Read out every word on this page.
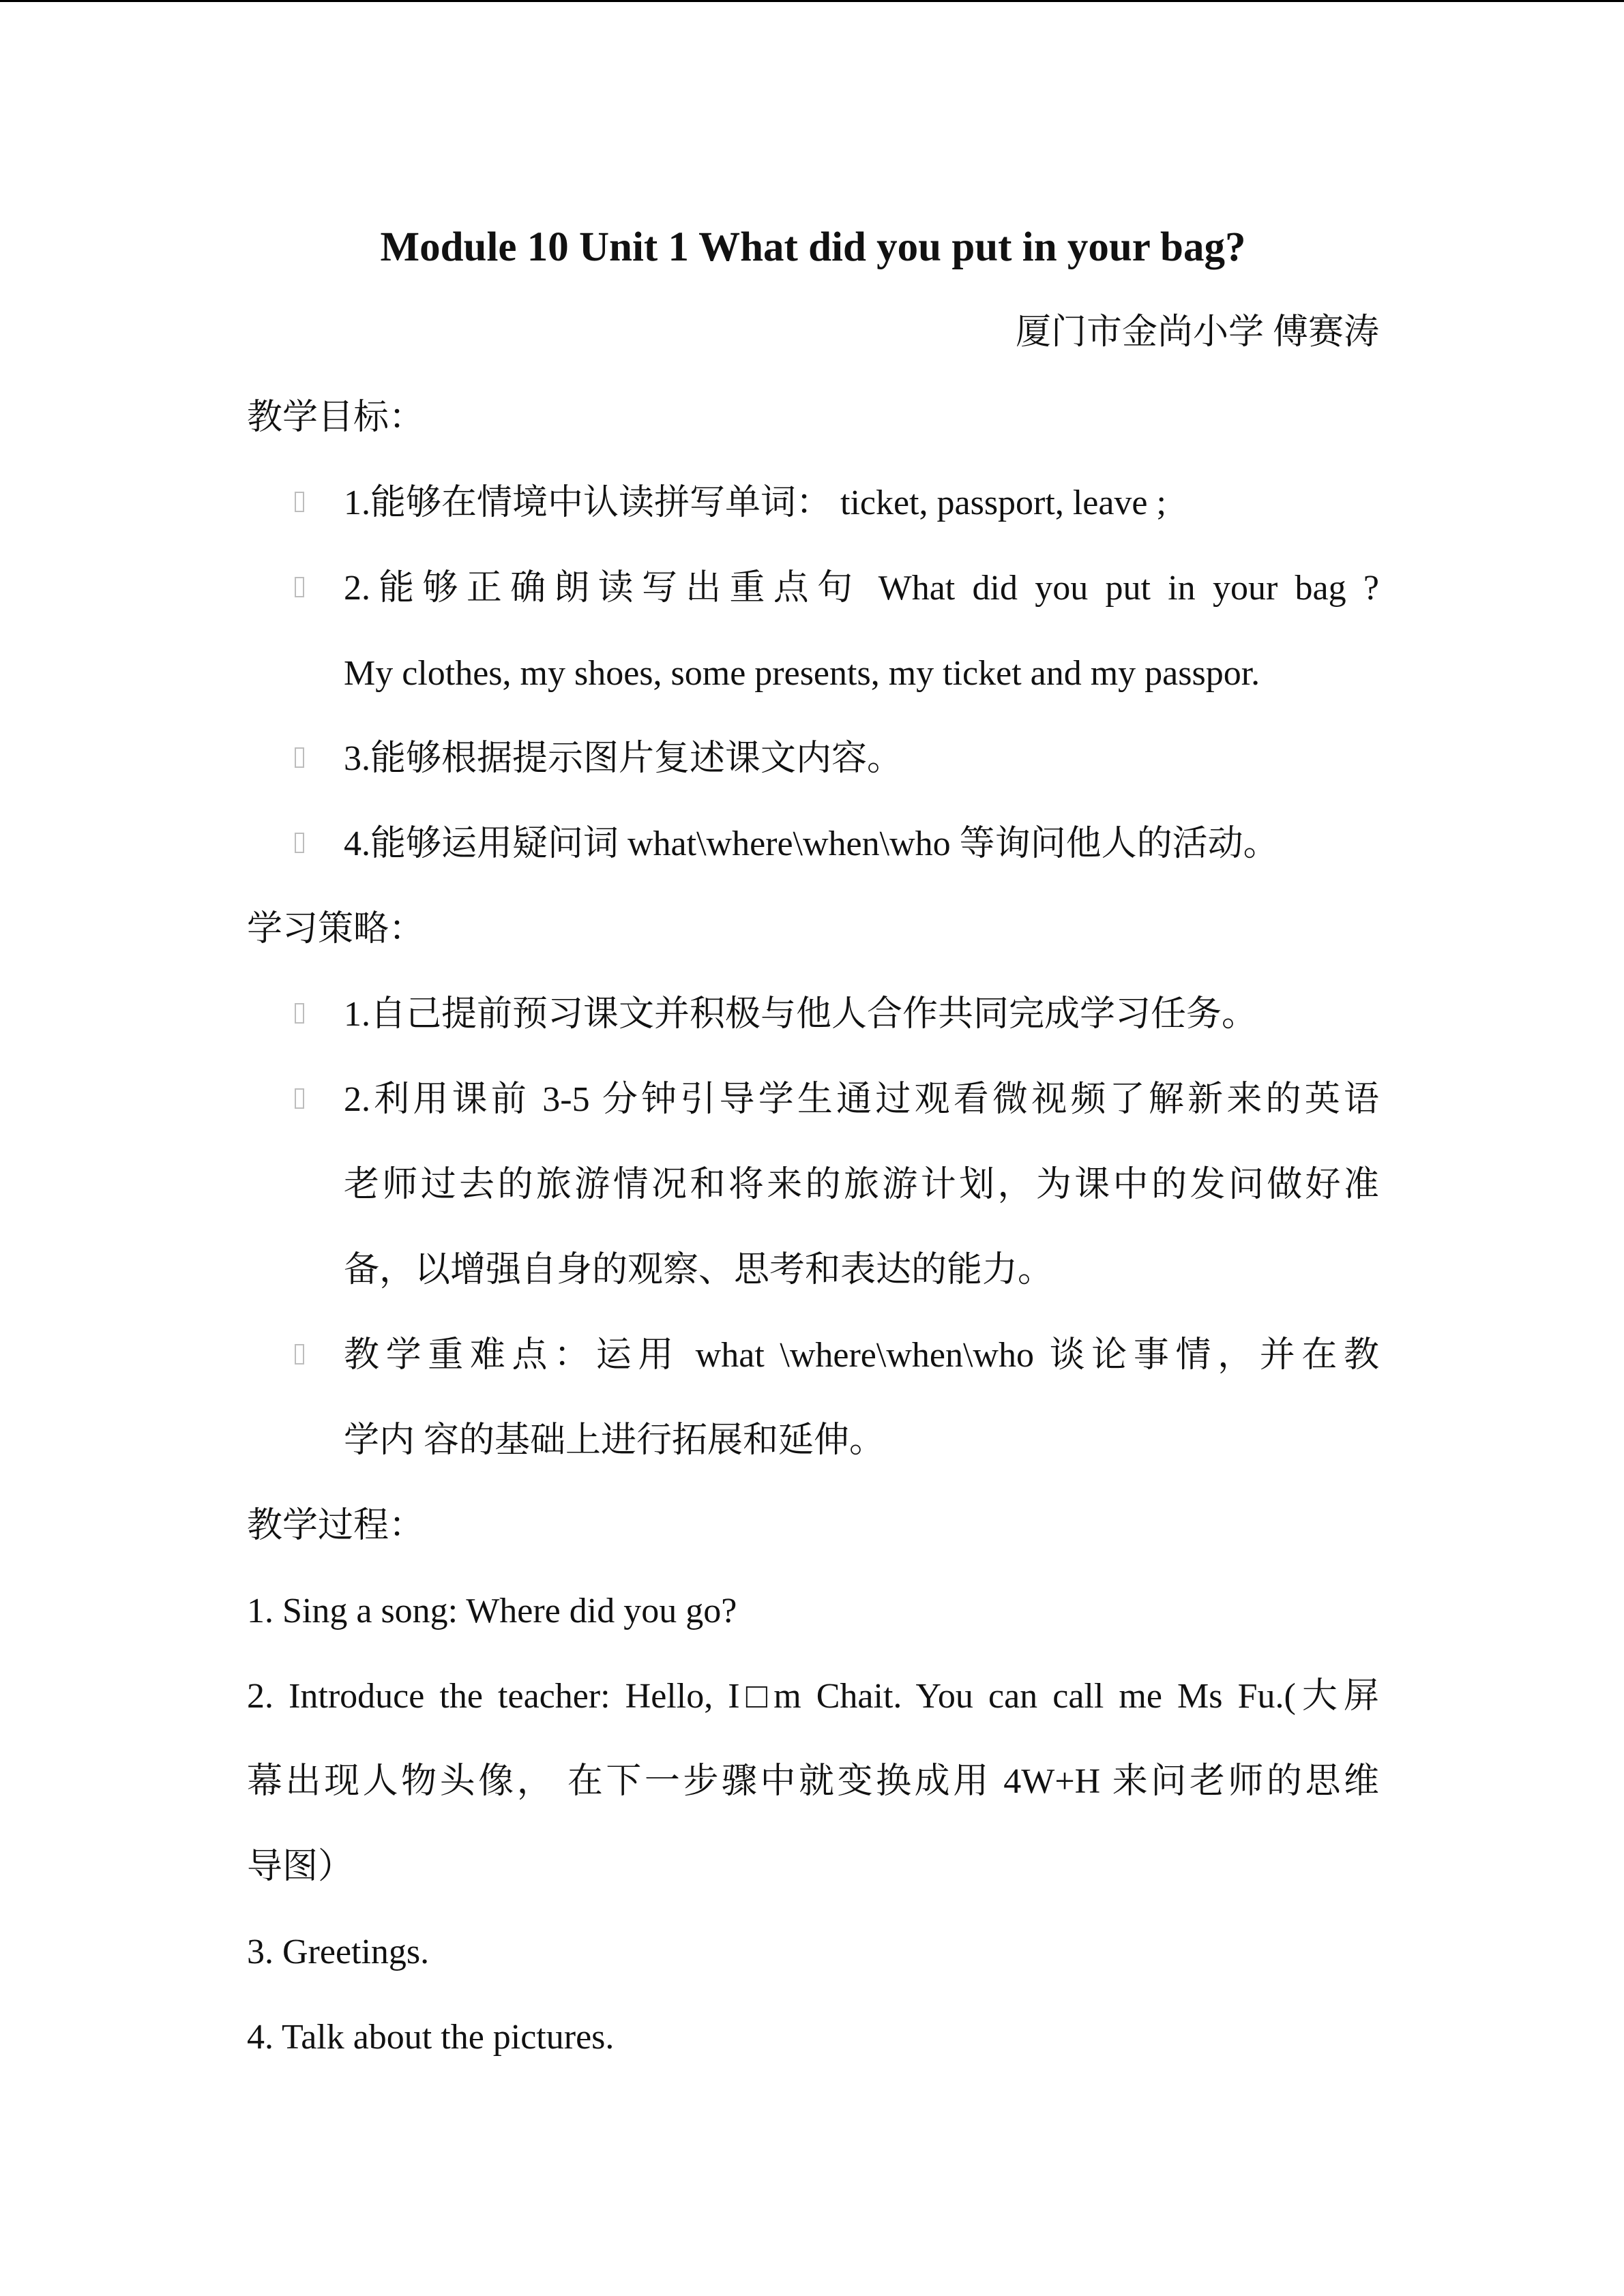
Module 10 Unit 1 What did you put in your bag?

厦门市金尚小学 傅赛涛

教学目标：

1.能够在情境中认读拼写单词： ticket, passport, leave ;
2.能够正确朗读写出重点句 What did you put in your bag ?
My clothes, my shoes, some presents, my ticket and my passpor.
3.能够根据提示图片复述课文内容。
4.能够运用疑问词 what\where\when\who 等询问他人的活动。

学习策略：

1.自己提前预习课文并积极与他人合作共同完成学习任务。
2.利用课前 3-5 分钟引导学生通过观看微视频了解新来的英语
老师过去的旅游情况和将来的旅游计划，为课中的发问做好准
备，以增强自身的观察、思考和表达的能力。
教学重难点：运用 what \where\when\who 谈论事情，并在教
学内 容的基础上进行拓展和延伸。

教学过程：

1. Sing a song: Where did you go?
2. Introduce the teacher: Hello, I□m Chait. You can call me Ms Fu.(大屏
幕出现人物头像， 在下一步骤中就变换成用 4W+H 来问老师的思维
导图）
3. Greetings.
4. Talk about the pictures.
